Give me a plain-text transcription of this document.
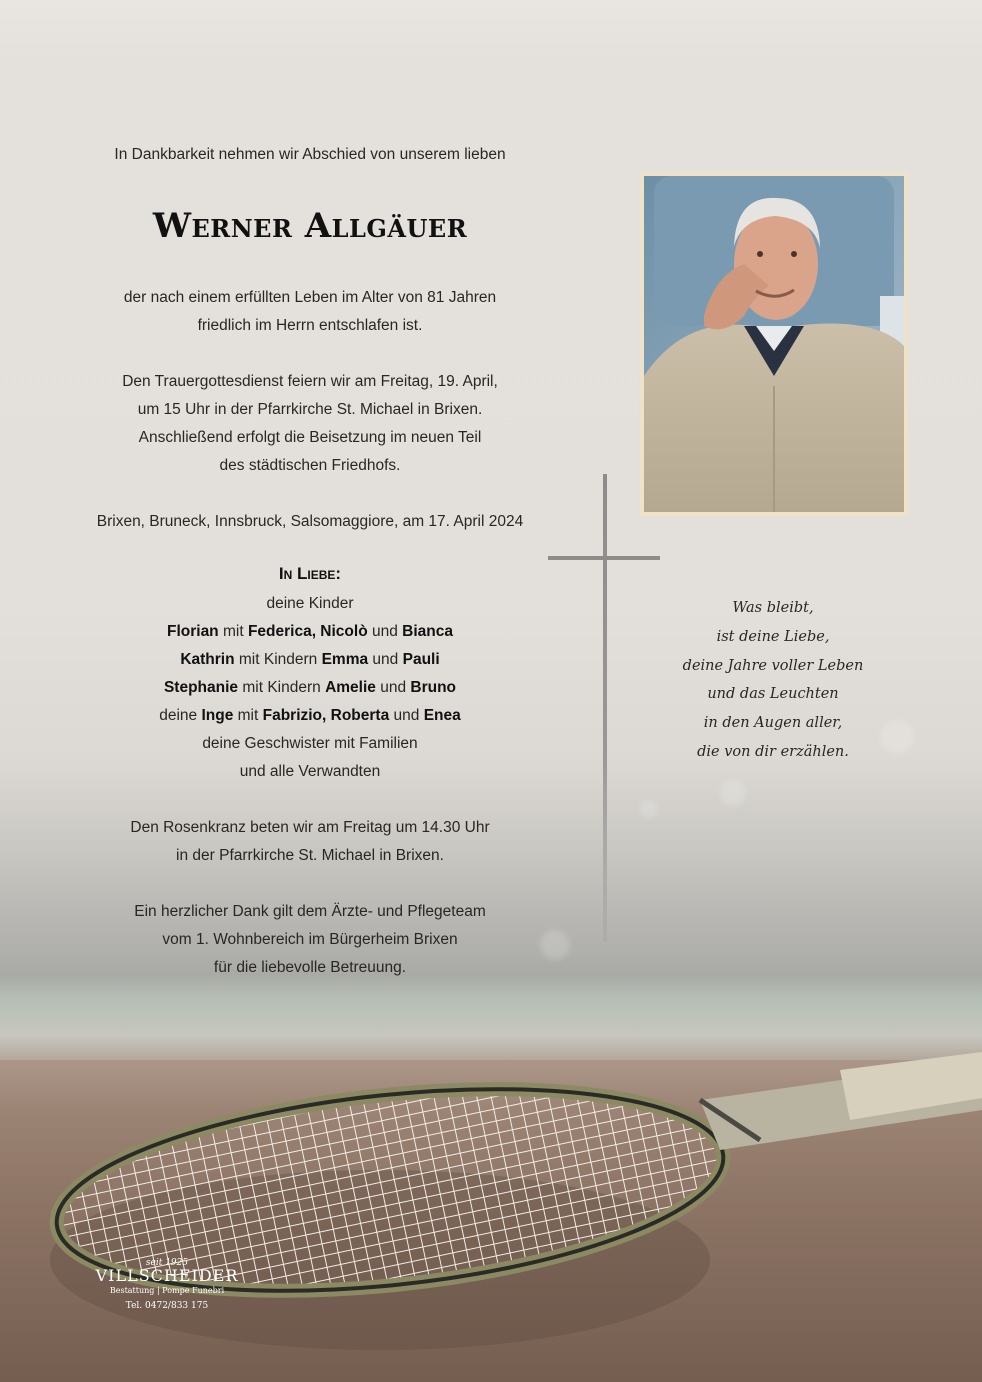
In Dankbarkeit nehmen wir Abschied von unserem lieben
Werner Allgäuer
der nach einem erfüllten Leben im Alter von 81 Jahren
friedlich im Herrn entschlafen ist.
Den Trauergottesdienst feiern wir am Freitag, 19. April,
um 15 Uhr in der Pfarrkirche St. Michael in Brixen.
Anschließend erfolgt die Beisetzung im neuen Teil
des städtischen Friedhofs.
Brixen, Bruneck, Innsbruck, Salsomaggiore, am 17. April 2024
In Liebe:
deine Kinder
Florian mit Federica, Nicolò und Bianca
Kathrin mit Kindern Emma und Pauli
Stephanie mit Kindern Amelie und Bruno
deine Inge mit Fabrizio, Roberta und Enea
deine Geschwister mit Familien
und alle Verwandten
Den Rosenkranz beten wir am Freitag um 14.30 Uhr
in der Pfarrkirche St. Michael in Brixen.
Ein herzlicher Dank gilt dem Ärzte- und Pflegeteam
vom 1. Wohnbereich im Bürgerheim Brixen
für die liebevolle Betreuung.
Was bleibt,
ist deine Liebe,
deine Jahre voller Leben
und das Leuchten
in den Augen aller,
die von dir erzählen.
seit 1925
VILLSCHEIDER
Bestattung | Pompe Funebri
Tel. 0472/833 175
